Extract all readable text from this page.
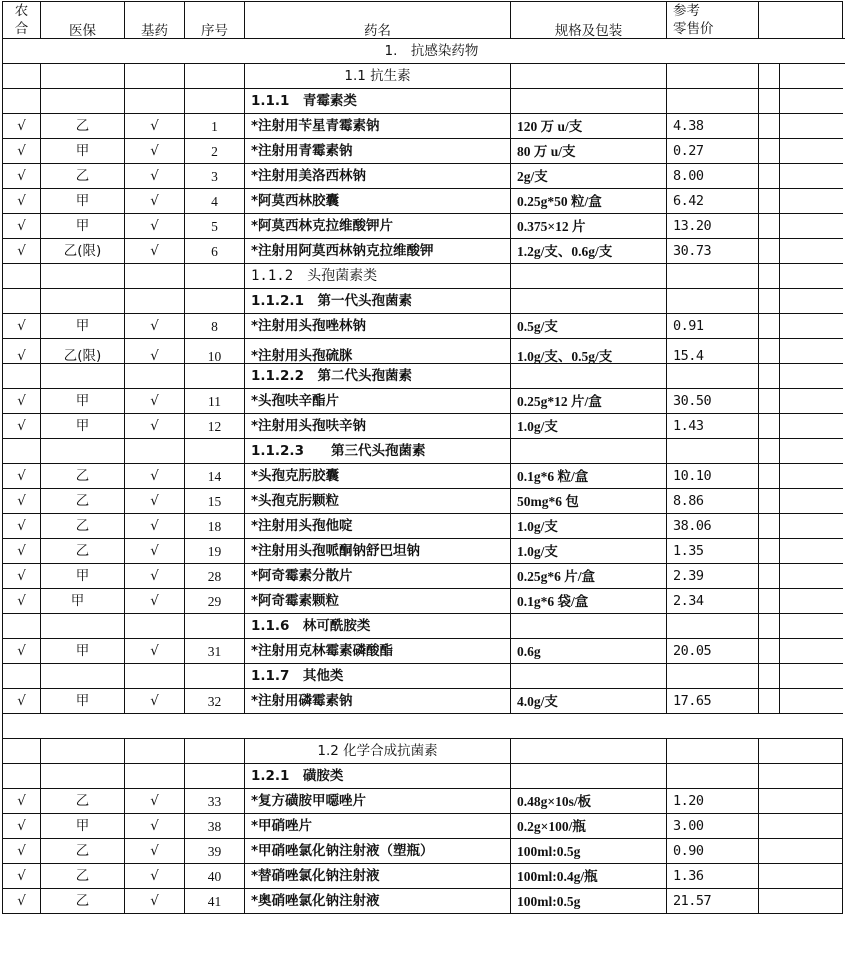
农
合	医保	基药	序号	药名	规格及包装	参考
零售价			
1.　抗感染药物									
				1.1 抗生素					
				1.1.1　青霉素类					
√	乙	√	1	*注射用苄星青霉素钠	120 万 u/支	4.38			
√	甲	√	2	*注射用青霉素钠	80 万 u/支	0.27			
√	乙	√	3	*注射用美洛西林钠	2g/支	8.00			
√	甲	√	4	*阿莫西林胶囊	0.25g*50 粒/盒	6.42			
√	甲	√	5	*阿莫西林克拉维酸钾片	0.375×12 片	13.20			
√	乙(限)	√	6	*注射用阿莫西林钠克拉维酸钾	1.2g/支、0.6g/支	30.73			
				1.1.2　头孢菌素类					
				1.1.2.1　第一代头孢菌素					
√	甲	√	8	*注射用头孢唑林钠	0.5g/支	0.91			
√	乙(限)	√	10	*注射用头孢硫脒	1.0g/支、0.5g/支	15.4			
				1.1.2.2　第二代头孢菌素					
√	甲	√	11	*头孢呋辛酯片	0.25g*12 片/盒	30.50			
√	甲	√	12	*注射用头孢呋辛钠	1.0g/支	1.43			
				1.1.2.3　　第三代头孢菌素					
√	乙	√	14	*头孢克肟胶囊	0.1g*6 粒/盒	10.10			
√	乙	√	15	*头孢克肟颗粒	50mg*6 包	8.86			
√	乙	√	18	*注射用头孢他啶	1.0g/支	38.06			
√	乙	√	19	*注射用头孢哌酮钠舒巴坦钠	1.0g/支	1.35			
√	甲	√	28	*阿奇霉素分散片	0.25g*6 片/盒	2.39			
√	甲	√	29	*阿奇霉素颗粒	0.1g*6 袋/盒	2.34			
				1.1.6　林可酰胺类					
√	甲	√	31	*注射用克林霉素磷酸酯	0.6g	20.05			
				1.1.7　其他类					
√	甲	√	32	*注射用磷霉素钠	4.0g/支	17.65			

				1.2 化学合成抗菌素					
				1.2.1　磺胺类					
√	乙	√	33	*复方磺胺甲噁唑片	0.48g×10s/板	1.20			
√	甲	√	38	*甲硝唑片	0.2g×100/瓶	3.00			
√	乙	√	39	*甲硝唑氯化钠注射液（塑瓶）	100ml:0.5g	0.90			
√	乙	√	40	*替硝唑氯化钠注射液	100ml:0.4g/瓶	1.36			
√	乙	√	41	*奥硝唑氯化钠注射液	100ml:0.5g	21.57			
